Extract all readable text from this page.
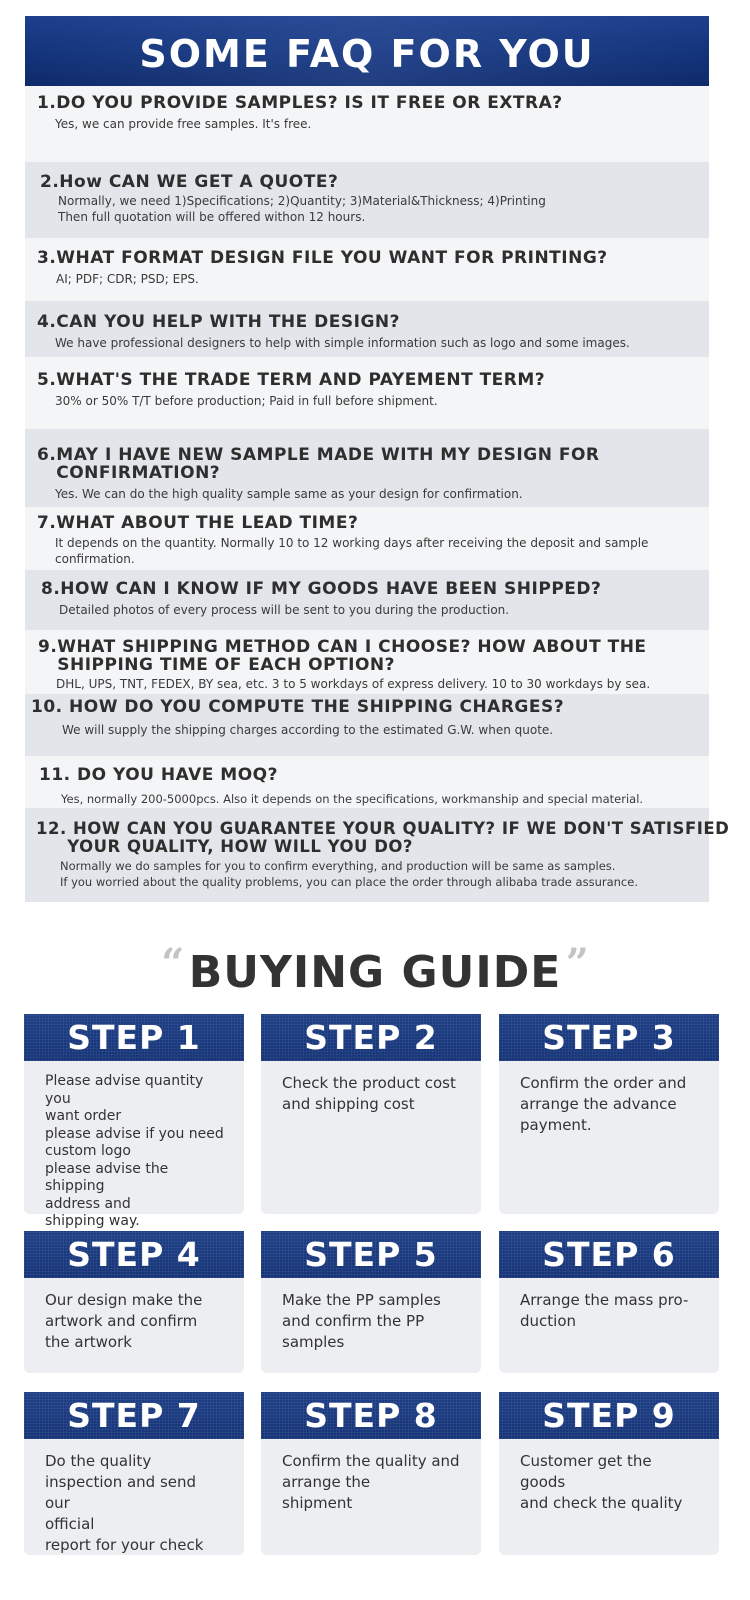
SOME FAQ FOR YOU
1.DO YOU PROVIDE SAMPLES? IS IT FREE OR EXTRA?
Yes, we can provide free samples. It's free.
2.How CAN WE GET A QUOTE?
Normally, we need 1)Specifications; 2)Quantity; 3)Material&Thickness; 4)Printing
Then full quotation will be offered withon 12 hours.
3.WHAT FORMAT DESIGN FILE YOU WANT FOR PRINTING?
AI; PDF; CDR; PSD; EPS.
4.CAN YOU HELP WITH THE DESIGN?
We have professional designers to help with simple information such as logo and some images.
5.WHAT'S THE TRADE TERM AND PAYEMENT TERM?
30% or 50% T/T before production; Paid in full before shipment.
6.MAY I HAVE NEW SAMPLE MADE WITH MY DESIGN FOR
CONFIRMATION?
Yes. We can do the high quality sample same as your design for confirmation.
7.WHAT ABOUT THE LEAD TIME?
It depends on the quantity. Normally 10 to 12 working days after receiving the deposit and sample
confirmation.
8.HOW CAN I KNOW IF MY GOODS HAVE BEEN SHIPPED?
Detailed photos of every process will be sent to you during the production.
9.WHAT SHIPPING METHOD CAN I CHOOSE? HOW ABOUT THE
SHIPPING TIME OF EACH OPTION?
DHL, UPS, TNT, FEDEX, BY sea, etc. 3 to 5 workdays of express delivery. 10 to 30 workdays by sea.
10. HOW DO YOU COMPUTE THE SHIPPING CHARGES?
We will supply the shipping charges according to the estimated G.W. when quote.
11. DO YOU HAVE MOQ?
Yes, normally 200-5000pcs. Also it depends on the specifications, workmanship and special material.
12. HOW CAN YOU GUARANTEE YOUR QUALITY? IF WE DON'T SATISFIED
YOUR QUALITY, HOW WILL YOU DO?
Normally we do samples for you to confirm everything, and production will be same as samples.
If you worried about the quality problems, you can place the order through alibaba trade assurance.
“ BUYING GUIDE ”
STEP 1
Please advise quantity you
want order
please advise if you need
custom logo
please advise the shipping
address and
shipping way.
STEP 2
Check the product cost
and shipping cost
STEP 3
Confirm the order and
arrange the advance
payment.
STEP 4
Our design make the
artwork and confirm
the artwork
STEP 5
Make the PP samples
and confirm the PP
samples
STEP 6
Arrange the mass pro-
duction
STEP 7
Do the quality
inspection and send our
official
report for your check
STEP 8
Confirm the quality and
arrange the
shipment
STEP 9
Customer get the goods
and check the quality
